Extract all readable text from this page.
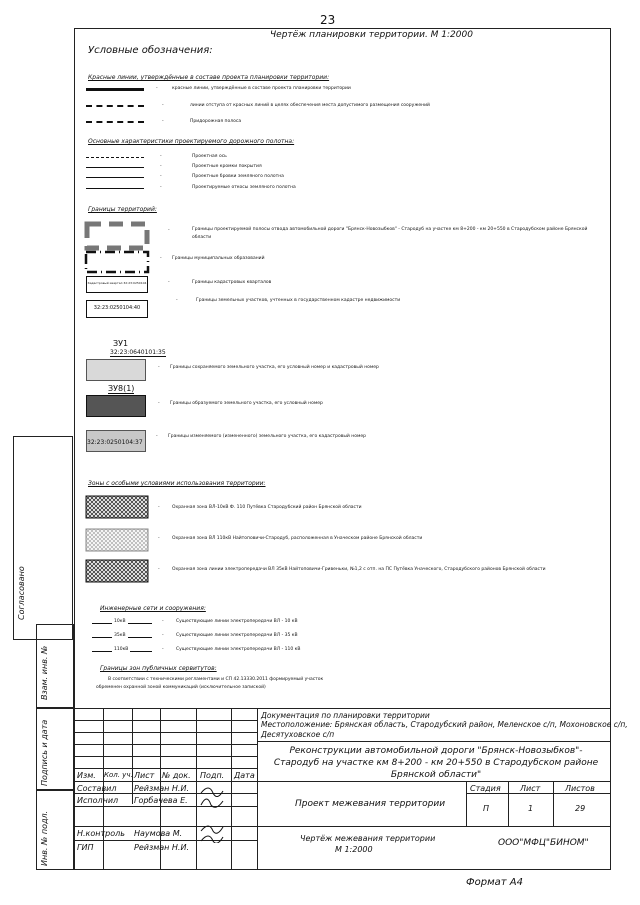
23
Чертёж планировки территории. М 1:2000
Условные обозначения:
Красные линии, утверждённые в составе проекта планировки территории:
-	красные линии, утверждённые в составе проекта планировки территории
-	линии отступа от красных линий в целях обеспечения места допустимого размещения сооружений
-	Придорожная полоса
Основные характеристики проектируемого дорожного полотна:
-	Проектная ось
-	Проектные кромки покрытия
-	Проектные бровки земляного полотна
-	Проектируемые откосы земляного полотна
Границы территорий:
-	Границы проектируемой полосы отвода автомобильной дороги "Брянск-Новозыбков" - Стародуб на участке км 8+200 - км 20+550 в Стародубском районе Брянской области
- Границы муниципальных образований
Кадастровый квартал 32:23:0250104	-	Границы кадастровых кварталов
32:23:0250104:40
-	Границы земельных участков, учтенных в государственном кадастре недвижимости
ЗУ1
32:23:0640101:35
- Границы сохраняемого земельного участка, его условный номер и кадастровый номер
ЗУ8(1)
- Границы образуемого земельного участка, его условный номер
32:23:0250104:37
- Границы изменяемого (измененного) земельного участка, его кадастровый номер
Зоны с особыми условиями использования территории:
-	Охранная зона ВЛ-10кВ Ф. 110 Путёвка Стародубский район Брянской области
-	Охранная зона ВЛ 110кВ Найтоповичи-Стародуб, расположенная в Уначеском районе Брянской области
-	Охранная зона линии электропередачи ВЛ 35кВ Найтоповичи-Гривеньки, №1,2 с отп. на ПС Путёвка Уначеского, Стародубского районов Брянской области
Инженерные сети и сооружения:
10кВ	-	Существующие линии электропередачи ВЛ - 10 кВ
35кВ	-	Существующие линии электропередачи ВЛ - 35 кВ
110кВ	-	Существующие линии электропередачи ВЛ - 110 кВ
Границы зон публичных сервитутов:
В соответствии с техническими регламентами и СП 42.13330.2011 формируемый участок
обременен охранной зоной коммуникаций (исключительное запиской)
Согласовано
Взам. инв. №
Подпись и дата
Инв. № подл.
Документация по планировки территории
Местоположение: Брянская область, Стародубский район, Меленское с/п, Мохоновское с/п,
Десятуховское с/п
Реконструкции автомобильной дороги "Брянск-Новозыбков"-Стародуб на участке км 8+200 - км 20+550 в Стародубском районе Брянской области"
Изм. Кол. уч. Лист № док. Подп. Дата
Составил Рейзман Н.И.
Исполнил Горбачева Е.
Н.контроль Наумова М.
ГИП	Рейзман Н.И.
Стадия Лист	Листов
П	1	29
Проект межевания территории
Чертёж межевания территории
М 1:2000
ООО"МФЦ"БИНОМ"
Формат А4
